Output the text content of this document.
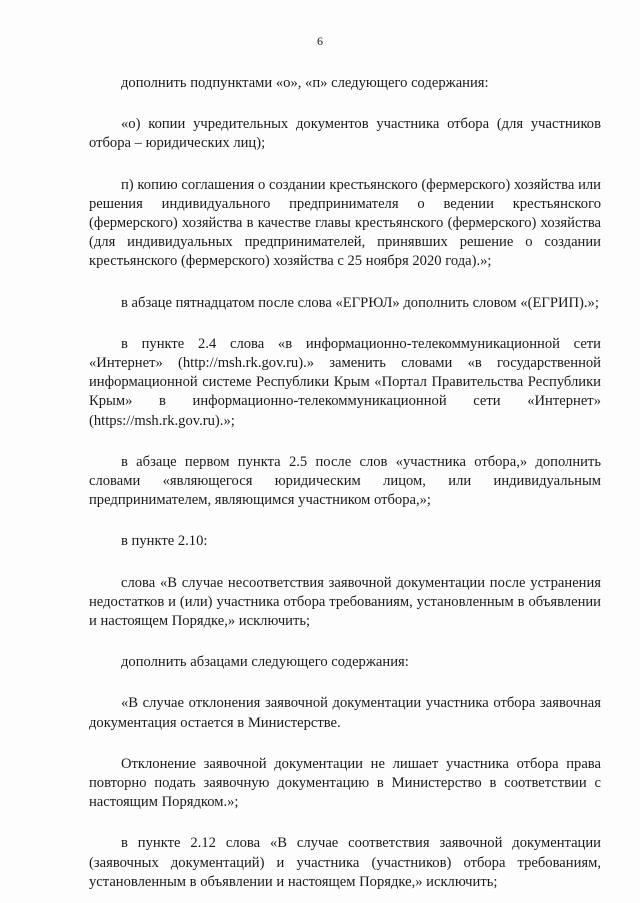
6

дополнить подпунктами «о», «п» следующего содержания:

«о) копии учредительных документов участника отбора (для участников отбора – юридических лиц);

п) копию соглашения о создании крестьянского (фермерского) хозяйства или решения индивидуального предпринимателя о ведении крестьянского (фермерского) хозяйства в качестве главы крестьянского (фермерского) хозяйства (для индивидуальных предпринимателей, принявших решение о создании крестьянского (фермерского) хозяйства с 25 ноября 2020 года).»;

в абзаце пятнадцатом после слова «ЕГРЮЛ» дополнить словом «(ЕГРИП).»;

в пункте 2.4 слова «в информационно-телекоммуникационной сети «Интернет» (http://msh.rk.gov.ru).» заменить словами «в государственной информационной системе Республики Крым «Портал Правительства Республики Крым» в информационно-телекоммуникационной сети «Интернет» (https://msh.rk.gov.ru).»;

в абзаце первом пункта 2.5 после слов «участника отбора,» дополнить словами «являющегося юридическим лицом, или индивидуальным предпринимателем, являющимся участником отбора,»;

в пункте 2.10:

слова «В случае несоответствия заявочной документации после устранения недостатков и (или) участника отбора требованиям, установленным в объявлении и настоящем Порядке,» исключить;

дополнить абзацами следующего содержания:

«В случае отклонения заявочной документации участника отбора заявочная документация остается в Министерстве.

Отклонение заявочной документации не лишает участника отбора права повторно подать заявочную документацию в Министерство в соответствии с настоящим Порядком.»;

в пункте 2.12 слова «В случае соответствия заявочной документации (заявочных документаций) и участника (участников) отбора требованиям, установленным в объявлении и настоящем Порядке,» исключить;
